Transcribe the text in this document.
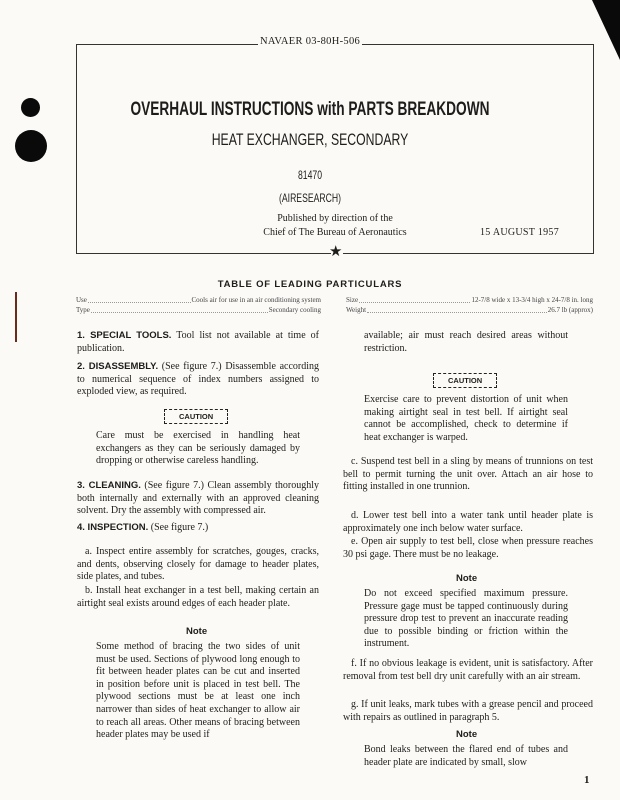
★
NAVAER 03-80H-506
OVERHAUL INSTRUCTIONS with PARTS BREAKDOWN
HEAT EXCHANGER, SECONDARY
81470
(AIRESEARCH)
Published by direction of the
Chief of The Bureau of Aeronautics	15 AUGUST 1957
TABLE OF LEADING PARTICULARS
Use	Cools air for use in an air conditioning system
Type	Secondary cooling
Size	12-7/8 wide x 13-3/4 high x 24-7/8 in. long
Weight	26.7 lb (approx)
1. SPECIAL TOOLS. Tool list not available at time of publication.
2. DISASSEMBLY. (See figure 7.) Disassemble according to numerical sequence of index numbers assigned to exploded view, as required.
CAUTION
Care must be exercised in handling heat exchangers as they can be seriously damaged by dropping or otherwise careless handling.
3. CLEANING. (See figure 7.) Clean assembly thoroughly both internally and externally with an approved cleaning solvent. Dry the assembly with compressed air.
4. INSPECTION. (See figure 7.)
a. Inspect entire assembly for scratches, gouges, cracks, and dents, observing closely for damage to header plates, side plates, and tubes.
b. Install heat exchanger in a test bell, making certain an airtight seal exists around edges of each header plate.
Note
Some method of bracing the two sides of unit must be used. Sections of plywood long enough to fit between header plates can be cut and inserted in position before unit is placed in test bell. The plywood sections must be at least one inch narrower than sides of heat exchanger to allow air to reach all areas. Other means of bracing between header plates may be used if
available; air must reach desired areas without restriction.
CAUTION
Exercise care to prevent distortion of unit when making airtight seal in test bell. If airtight seal cannot be accomplished, check to determine if heat exchanger is warped.
c. Suspend test bell in a sling by means of trunnions on test bell to permit turning the unit over. Attach an air hose to fitting installed in one trunnion.
d. Lower test bell into a water tank until header plate is approximately one inch below water surface.
e. Open air supply to test bell, close when pressure reaches 30 psi gage. There must be no leakage.
Note
Do not exceed specified maximum pressure. Pressure gage must be tapped continuously during pressure drop test to prevent an inaccurate reading due to possible binding or friction within the instrument.
f. If no obvious leakage is evident, unit is satisfactory. After removal from test bell dry unit carefully with an air stream.
g. If unit leaks, mark tubes with a grease pencil and proceed with repairs as outlined in paragraph 5.
Note
Bond leaks between the flared end of tubes and header plate are indicated by small, slow
1
